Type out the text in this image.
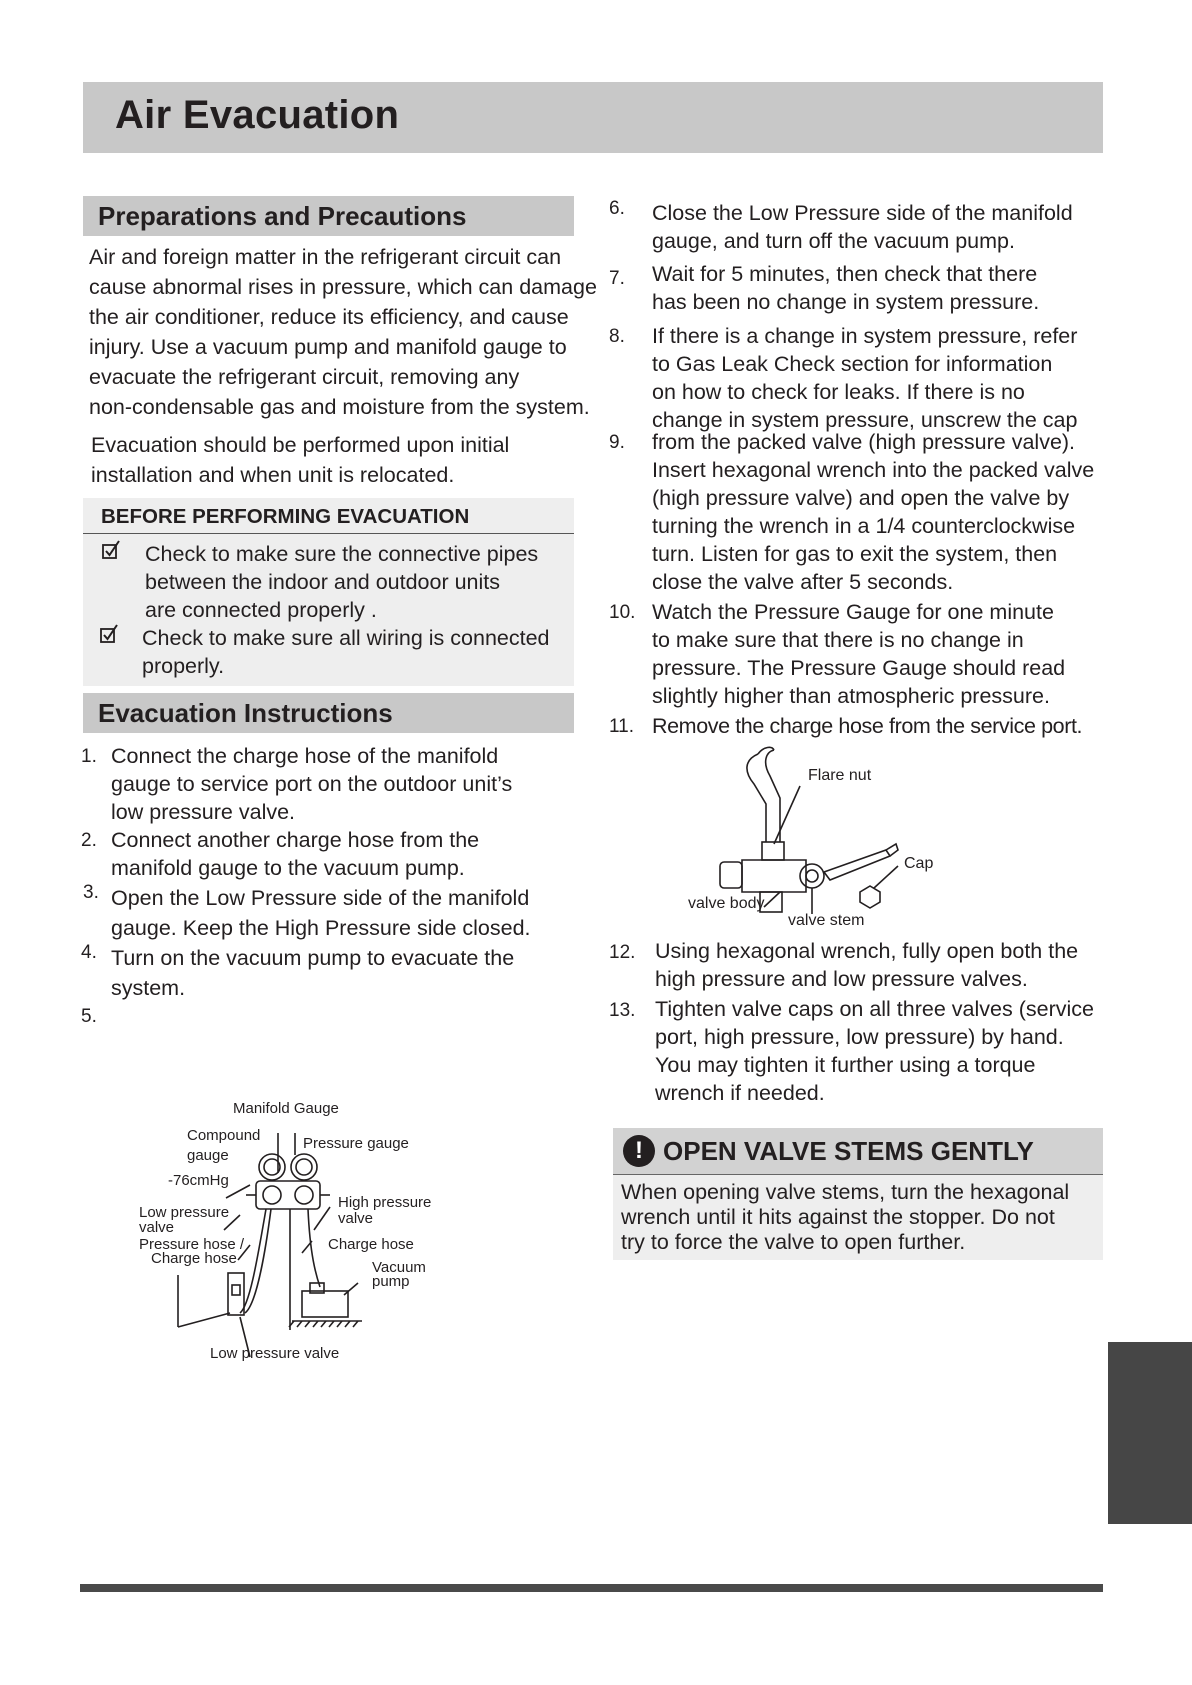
Air Evacuation
Preparations and Precautions

Air and foreign matter in the refrigerant circuit can

cause abnormal rises in pressure, which can damage

the air conditioner, reduce its efficiency, and cause

injury. Use a vacuum pump and manifold gauge to

evacuate the refrigerant circuit, removing any

non-condensable gas and moisture from the system.

Evacuation should be performed upon initial

installation and when unit is relocated.

BEFORE PERFORMING EVACUATION
Check to make sure the connective pipes
between the indoor and outdoor units
are connected properly .
Check to make sure all wiring is connected
properly.
Evacuation Instructions
1. Connect the charge hose of the manifold
gauge to service port on the outdoor unit’s
low pressure valve.
2. Connect another charge hose from the
manifold gauge to the vacuum pump.
3. Open the Low Pressure side of the manifold
gauge. Keep the High Pressure side closed.
4. Turn on the vacuum pump to evacuate the
system.
5.
Manifold Gauge
Compound
gauge
Pressure gauge
-76cmHg
High pressure
valve
Low pressure
valve
Pressure hose /
Charge hose
Charge hose
Vacuum
pump
Low pressure valve
6. Close the Low Pressure side of the manifold
gauge, and turn off the vacuum pump.
7. Wait for 5 minutes, then check that there
has been no change in system pressure.
8. If there is a change in system pressure, refer
to Gas Leak Check section for information
on how to check for leaks. If there is no
change in system pressure, unscrew the cap
9. from the packed valve (high pressure valve).
Insert hexagonal wrench into the packed valve
(high pressure valve) and open the valve by
turning the wrench in a 1/4 counterclockwise
turn. Listen for gas to exit the system, then
close the valve after 5 seconds.
10. Watch the Pressure Gauge for one minute
to make sure that there is no change in
pressure. The Pressure Gauge should read
slightly higher than atmospheric pressure.
11. Remove the charge hose from the service port.
Flare nut
Cap
valve body
valve stem
12. Using hexagonal wrench, fully open both the
high pressure and low pressure valves.
13. Tighten valve caps on all three valves (service
port, high pressure, low pressure) by hand.
You may tighten it further using a torque
wrench if needed.
! OPEN VALVE STEMS GENTLY
When opening valve stems, turn the hexagonal
wrench until it hits against the stopper. Do not
try to force the valve to open further.
